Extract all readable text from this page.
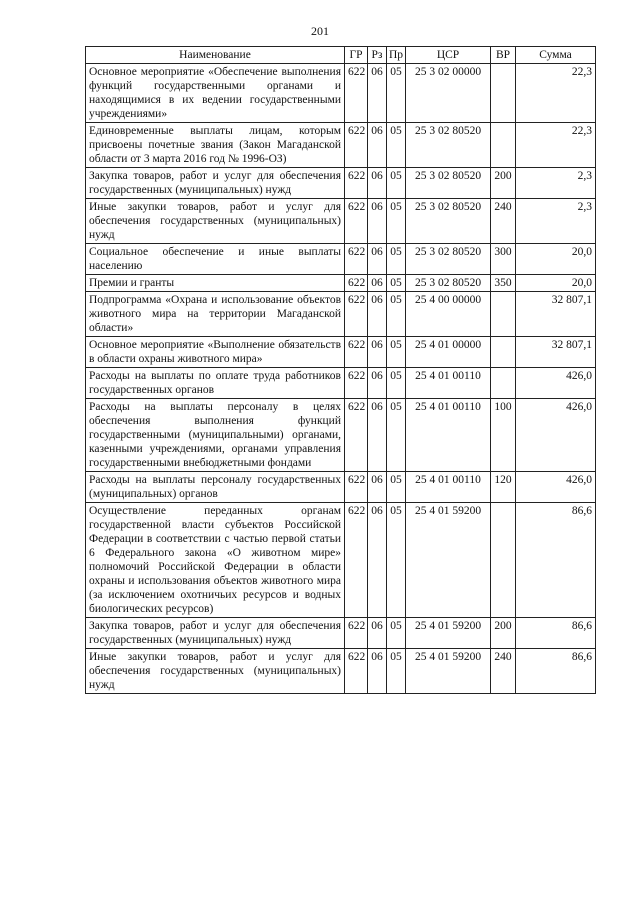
201
Наименование	ГР	Рз	Пр	ЦСР	ВР	Сумма
Основное мероприятие «Обеспечение выполнения функций государственными органами и находящимися в их ведении государственными учреждениями»	622	06	05	25 3 02 00000		22,3
Единовременные выплаты лицам, которым присвоены почетные звания (Закон Магаданской области от 3 марта 2016 год № 1996-ОЗ)	622	06	05	25 3 02 80520		22,3
Закупка товаров, работ и услуг для обеспечения государственных (муниципальных) нужд	622	06	05	25 3 02 80520	200	2,3
Иные закупки товаров, работ и услуг для обеспечения государственных (муниципальных) нужд	622	06	05	25 3 02 80520	240	2,3
Социальное обеспечение и иные выплаты населению	622	06	05	25 3 02 80520	300	20,0
Премии и гранты	622	06	05	25 3 02 80520	350	20,0
Подпрограмма «Охрана и использование объектов животного мира на территории Магаданской области»	622	06	05	25 4 00 00000		32 807,1
Основное мероприятие «Выполнение обязательств в области охраны животного мира»	622	06	05	25 4 01 00000		32 807,1
Расходы на выплаты по оплате труда работников государственных органов	622	06	05	25 4 01 00110		426,0
Расходы на выплаты персоналу в целях обеспечения выполнения функций государственными (муниципальными) органами, казенными учреждениями, органами управления государственными внебюджетными фондами	622	06	05	25 4 01 00110	100	426,0
Расходы на выплаты персоналу государственных (муниципальных) органов	622	06	05	25 4 01 00110	120	426,0
Осуществление переданных органам государственной власти субъектов Российской Федерации в соответствии с частью первой статьи 6 Федерального закона «О животном мире» полномочий Российской Федерации в области охраны и использования объектов животного мира (за исключением охотничьих ресурсов и водных биологических ресурсов)	622	06	05	25 4 01 59200		86,6
Закупка товаров, работ и услуг для обеспечения государственных (муниципальных) нужд	622	06	05	25 4 01 59200	200	86,6
Иные закупки товаров, работ и услуг для обеспечения государственных (муниципальных) нужд	622	06	05	25 4 01 59200	240	86,6
